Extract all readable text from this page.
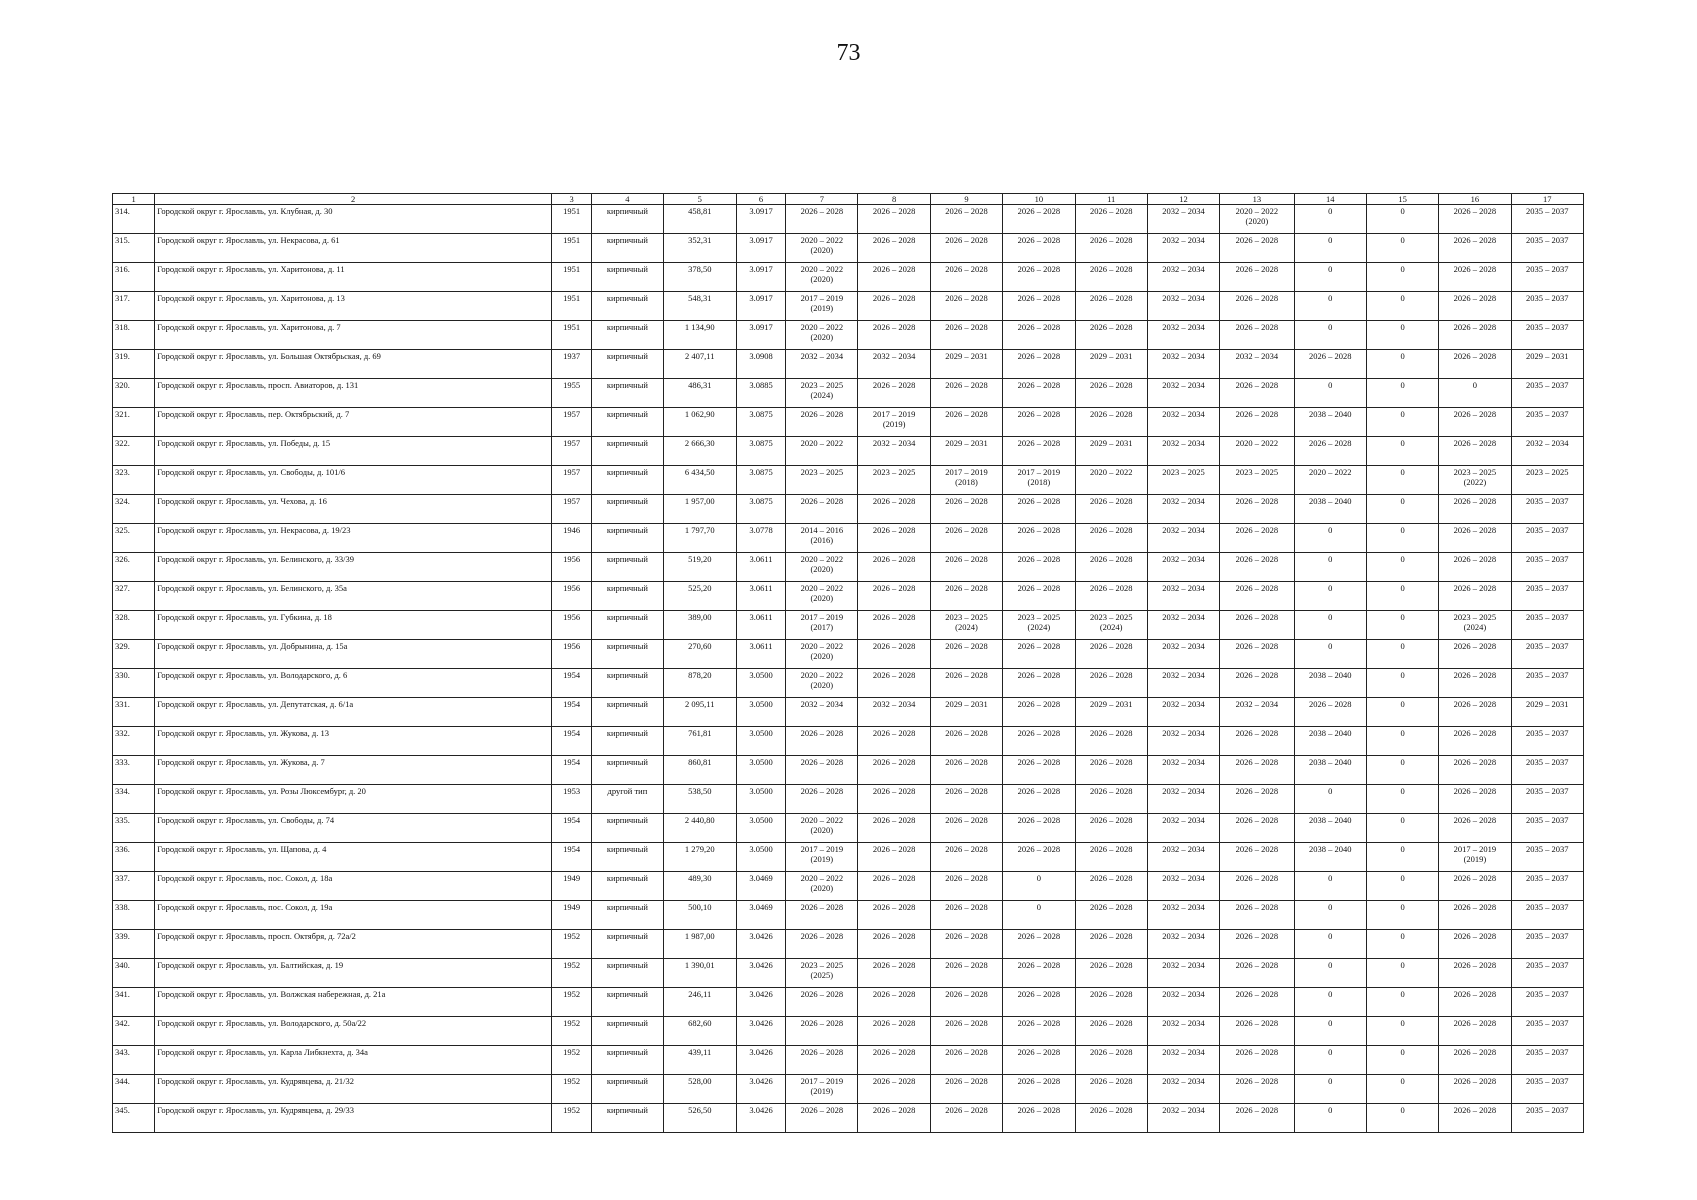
73
1	2	3	4	5	6	7	8	9	10	11	12	13	14	15	16	17
314.	Городской округ г. Ярославль, ул. Клубная, д. 30	1951	кирпичный	458,81	3.0917	2026 – 2028	2026 – 2028	2026 – 2028	2026 – 2028	2026 – 2028	2032 – 2034	2020 – 2022
(2020)	0	0	2026 – 2028	2035 – 2037
315.	Городской округ г. Ярославль, ул. Некрасова, д. 61	1951	кирпичный	352,31	3.0917	2020 – 2022
(2020)	2026 – 2028	2026 – 2028	2026 – 2028	2026 – 2028	2032 – 2034	2026 – 2028	0	0	2026 – 2028	2035 – 2037
316.	Городской округ г. Ярославль, ул. Харитонова, д. 11	1951	кирпичный	378,50	3.0917	2020 – 2022
(2020)	2026 – 2028	2026 – 2028	2026 – 2028	2026 – 2028	2032 – 2034	2026 – 2028	0	0	2026 – 2028	2035 – 2037
317.	Городской округ г. Ярославль, ул. Харитонова, д. 13	1951	кирпичный	548,31	3.0917	2017 – 2019
(2019)	2026 – 2028	2026 – 2028	2026 – 2028	2026 – 2028	2032 – 2034	2026 – 2028	0	0	2026 – 2028	2035 – 2037
318.	Городской округ г. Ярославль, ул. Харитонова, д. 7	1951	кирпичный	1 134,90	3.0917	2020 – 2022
(2020)	2026 – 2028	2026 – 2028	2026 – 2028	2026 – 2028	2032 – 2034	2026 – 2028	0	0	2026 – 2028	2035 – 2037
319.	Городской округ г. Ярославль, ул. Большая Октябрьская, д. 69	1937	кирпичный	2 407,11	3.0908	2032 – 2034	2032 – 2034	2029 – 2031	2026 – 2028	2029 – 2031	2032 – 2034	2032 – 2034	2026 – 2028	0	2026 – 2028	2029 – 2031
320.	Городской округ г. Ярославль, просп. Авиаторов, д. 131	1955	кирпичный	486,31	3.0885	2023 – 2025
(2024)	2026 – 2028	2026 – 2028	2026 – 2028	2026 – 2028	2032 – 2034	2026 – 2028	0	0	0	2035 – 2037
321.	Городской округ г. Ярославль, пер. Октябрьский, д. 7	1957	кирпичный	1 062,90	3.0875	2026 – 2028	2017 – 2019
(2019)	2026 – 2028	2026 – 2028	2026 – 2028	2032 – 2034	2026 – 2028	2038 – 2040	0	2026 – 2028	2035 – 2037
322.	Городской округ г. Ярославль, ул. Победы, д. 15	1957	кирпичный	2 666,30	3.0875	2020 – 2022	2032 – 2034	2029 – 2031	2026 – 2028	2029 – 2031	2032 – 2034	2020 – 2022	2026 – 2028	0	2026 – 2028	2032 – 2034
323.	Городской округ г. Ярославль, ул. Свободы, д. 101/6	1957	кирпичный	6 434,50	3.0875	2023 – 2025	2023 – 2025	2017 – 2019
(2018)	2017 – 2019
(2018)	2020 – 2022	2023 – 2025	2023 – 2025	2020 – 2022	0	2023 – 2025
(2022)	2023 – 2025
324.	Городской округ г. Ярославль, ул. Чехова, д. 16	1957	кирпичный	1 957,00	3.0875	2026 – 2028	2026 – 2028	2026 – 2028	2026 – 2028	2026 – 2028	2032 – 2034	2026 – 2028	2038 – 2040	0	2026 – 2028	2035 – 2037
325.	Городской округ г. Ярославль, ул. Некрасова, д. 19/23	1946	кирпичный	1 797,70	3.0778	2014 – 2016
(2016)	2026 – 2028	2026 – 2028	2026 – 2028	2026 – 2028	2032 – 2034	2026 – 2028	0	0	2026 – 2028	2035 – 2037
326.	Городской округ г. Ярославль, ул. Белинского, д. 33/39	1956	кирпичный	519,20	3.0611	2020 – 2022
(2020)	2026 – 2028	2026 – 2028	2026 – 2028	2026 – 2028	2032 – 2034	2026 – 2028	0	0	2026 – 2028	2035 – 2037
327.	Городской округ г. Ярославль, ул. Белинского, д. 35а	1956	кирпичный	525,20	3.0611	2020 – 2022
(2020)	2026 – 2028	2026 – 2028	2026 – 2028	2026 – 2028	2032 – 2034	2026 – 2028	0	0	2026 – 2028	2035 – 2037
328.	Городской округ г. Ярославль, ул. Губкина, д. 18	1956	кирпичный	389,00	3.0611	2017 – 2019
(2017)	2026 – 2028	2023 – 2025
(2024)	2023 – 2025
(2024)	2023 – 2025
(2024)	2032 – 2034	2026 – 2028	0	0	2023 – 2025
(2024)	2035 – 2037
329.	Городской округ г. Ярославль, ул. Добрынина, д. 15а	1956	кирпичный	270,60	3.0611	2020 – 2022
(2020)	2026 – 2028	2026 – 2028	2026 – 2028	2026 – 2028	2032 – 2034	2026 – 2028	0	0	2026 – 2028	2035 – 2037
330.	Городской округ г. Ярославль, ул. Володарского, д. 6	1954	кирпичный	878,20	3.0500	2020 – 2022
(2020)	2026 – 2028	2026 – 2028	2026 – 2028	2026 – 2028	2032 – 2034	2026 – 2028	2038 – 2040	0	2026 – 2028	2035 – 2037
331.	Городской округ г. Ярославль, ул. Депутатская, д. 6/1а	1954	кирпичный	2 095,11	3.0500	2032 – 2034	2032 – 2034	2029 – 2031	2026 – 2028	2029 – 2031	2032 – 2034	2032 – 2034	2026 – 2028	0	2026 – 2028	2029 – 2031
332.	Городской округ г. Ярославль, ул. Жукова, д. 13	1954	кирпичный	761,81	3.0500	2026 – 2028	2026 – 2028	2026 – 2028	2026 – 2028	2026 – 2028	2032 – 2034	2026 – 2028	2038 – 2040	0	2026 – 2028	2035 – 2037
333.	Городской округ г. Ярославль, ул. Жукова, д. 7	1954	кирпичный	860,81	3.0500	2026 – 2028	2026 – 2028	2026 – 2028	2026 – 2028	2026 – 2028	2032 – 2034	2026 – 2028	2038 – 2040	0	2026 – 2028	2035 – 2037
334.	Городской округ г. Ярославль, ул. Розы Люксембург, д. 20	1953	другой тип	538,50	3.0500	2026 – 2028	2026 – 2028	2026 – 2028	2026 – 2028	2026 – 2028	2032 – 2034	2026 – 2028	0	0	2026 – 2028	2035 – 2037
335.	Городской округ г. Ярославль, ул. Свободы, д. 74	1954	кирпичный	2 440,80	3.0500	2020 – 2022
(2020)	2026 – 2028	2026 – 2028	2026 – 2028	2026 – 2028	2032 – 2034	2026 – 2028	2038 – 2040	0	2026 – 2028	2035 – 2037
336.	Городской округ г. Ярославль, ул. Щапова, д. 4	1954	кирпичный	1 279,20	3.0500	2017 – 2019
(2019)	2026 – 2028	2026 – 2028	2026 – 2028	2026 – 2028	2032 – 2034	2026 – 2028	2038 – 2040	0	2017 – 2019
(2019)	2035 – 2037
337.	Городской округ г. Ярославль, пос. Сокол, д. 18а	1949	кирпичный	489,30	3.0469	2020 – 2022
(2020)	2026 – 2028	2026 – 2028	0	2026 – 2028	2032 – 2034	2026 – 2028	0	0	2026 – 2028	2035 – 2037
338.	Городской округ г. Ярославль, пос. Сокол, д. 19а	1949	кирпичный	500,10	3.0469	2026 – 2028	2026 – 2028	2026 – 2028	0	2026 – 2028	2032 – 2034	2026 – 2028	0	0	2026 – 2028	2035 – 2037
339.	Городской округ г. Ярославль, просп. Октября, д. 72а/2	1952	кирпичный	1 987,00	3.0426	2026 – 2028	2026 – 2028	2026 – 2028	2026 – 2028	2026 – 2028	2032 – 2034	2026 – 2028	0	0	2026 – 2028	2035 – 2037
340.	Городской округ г. Ярославль, ул. Балтийская, д. 19	1952	кирпичный	1 390,01	3.0426	2023 – 2025
(2025)	2026 – 2028	2026 – 2028	2026 – 2028	2026 – 2028	2032 – 2034	2026 – 2028	0	0	2026 – 2028	2035 – 2037
341.	Городской округ г. Ярославль, ул. Волжская набережная, д. 21а	1952	кирпичный	246,11	3.0426	2026 – 2028	2026 – 2028	2026 – 2028	2026 – 2028	2026 – 2028	2032 – 2034	2026 – 2028	0	0	2026 – 2028	2035 – 2037
342.	Городской округ г. Ярославль, ул. Володарского, д. 50а/22	1952	кирпичный	682,60	3.0426	2026 – 2028	2026 – 2028	2026 – 2028	2026 – 2028	2026 – 2028	2032 – 2034	2026 – 2028	0	0	2026 – 2028	2035 – 2037
343.	Городской округ г. Ярославль, ул. Карла Либкнехта, д. 34а	1952	кирпичный	439,11	3.0426	2026 – 2028	2026 – 2028	2026 – 2028	2026 – 2028	2026 – 2028	2032 – 2034	2026 – 2028	0	0	2026 – 2028	2035 – 2037
344.	Городской округ г. Ярославль, ул. Кудрявцева, д. 21/32	1952	кирпичный	528,00	3.0426	2017 – 2019
(2019)	2026 – 2028	2026 – 2028	2026 – 2028	2026 – 2028	2032 – 2034	2026 – 2028	0	0	2026 – 2028	2035 – 2037
345.	Городской округ г. Ярославль, ул. Кудрявцева, д. 29/33	1952	кирпичный	526,50	3.0426	2026 – 2028	2026 – 2028	2026 – 2028	2026 – 2028	2026 – 2028	2032 – 2034	2026 – 2028	0	0	2026 – 2028	2035 – 2037
